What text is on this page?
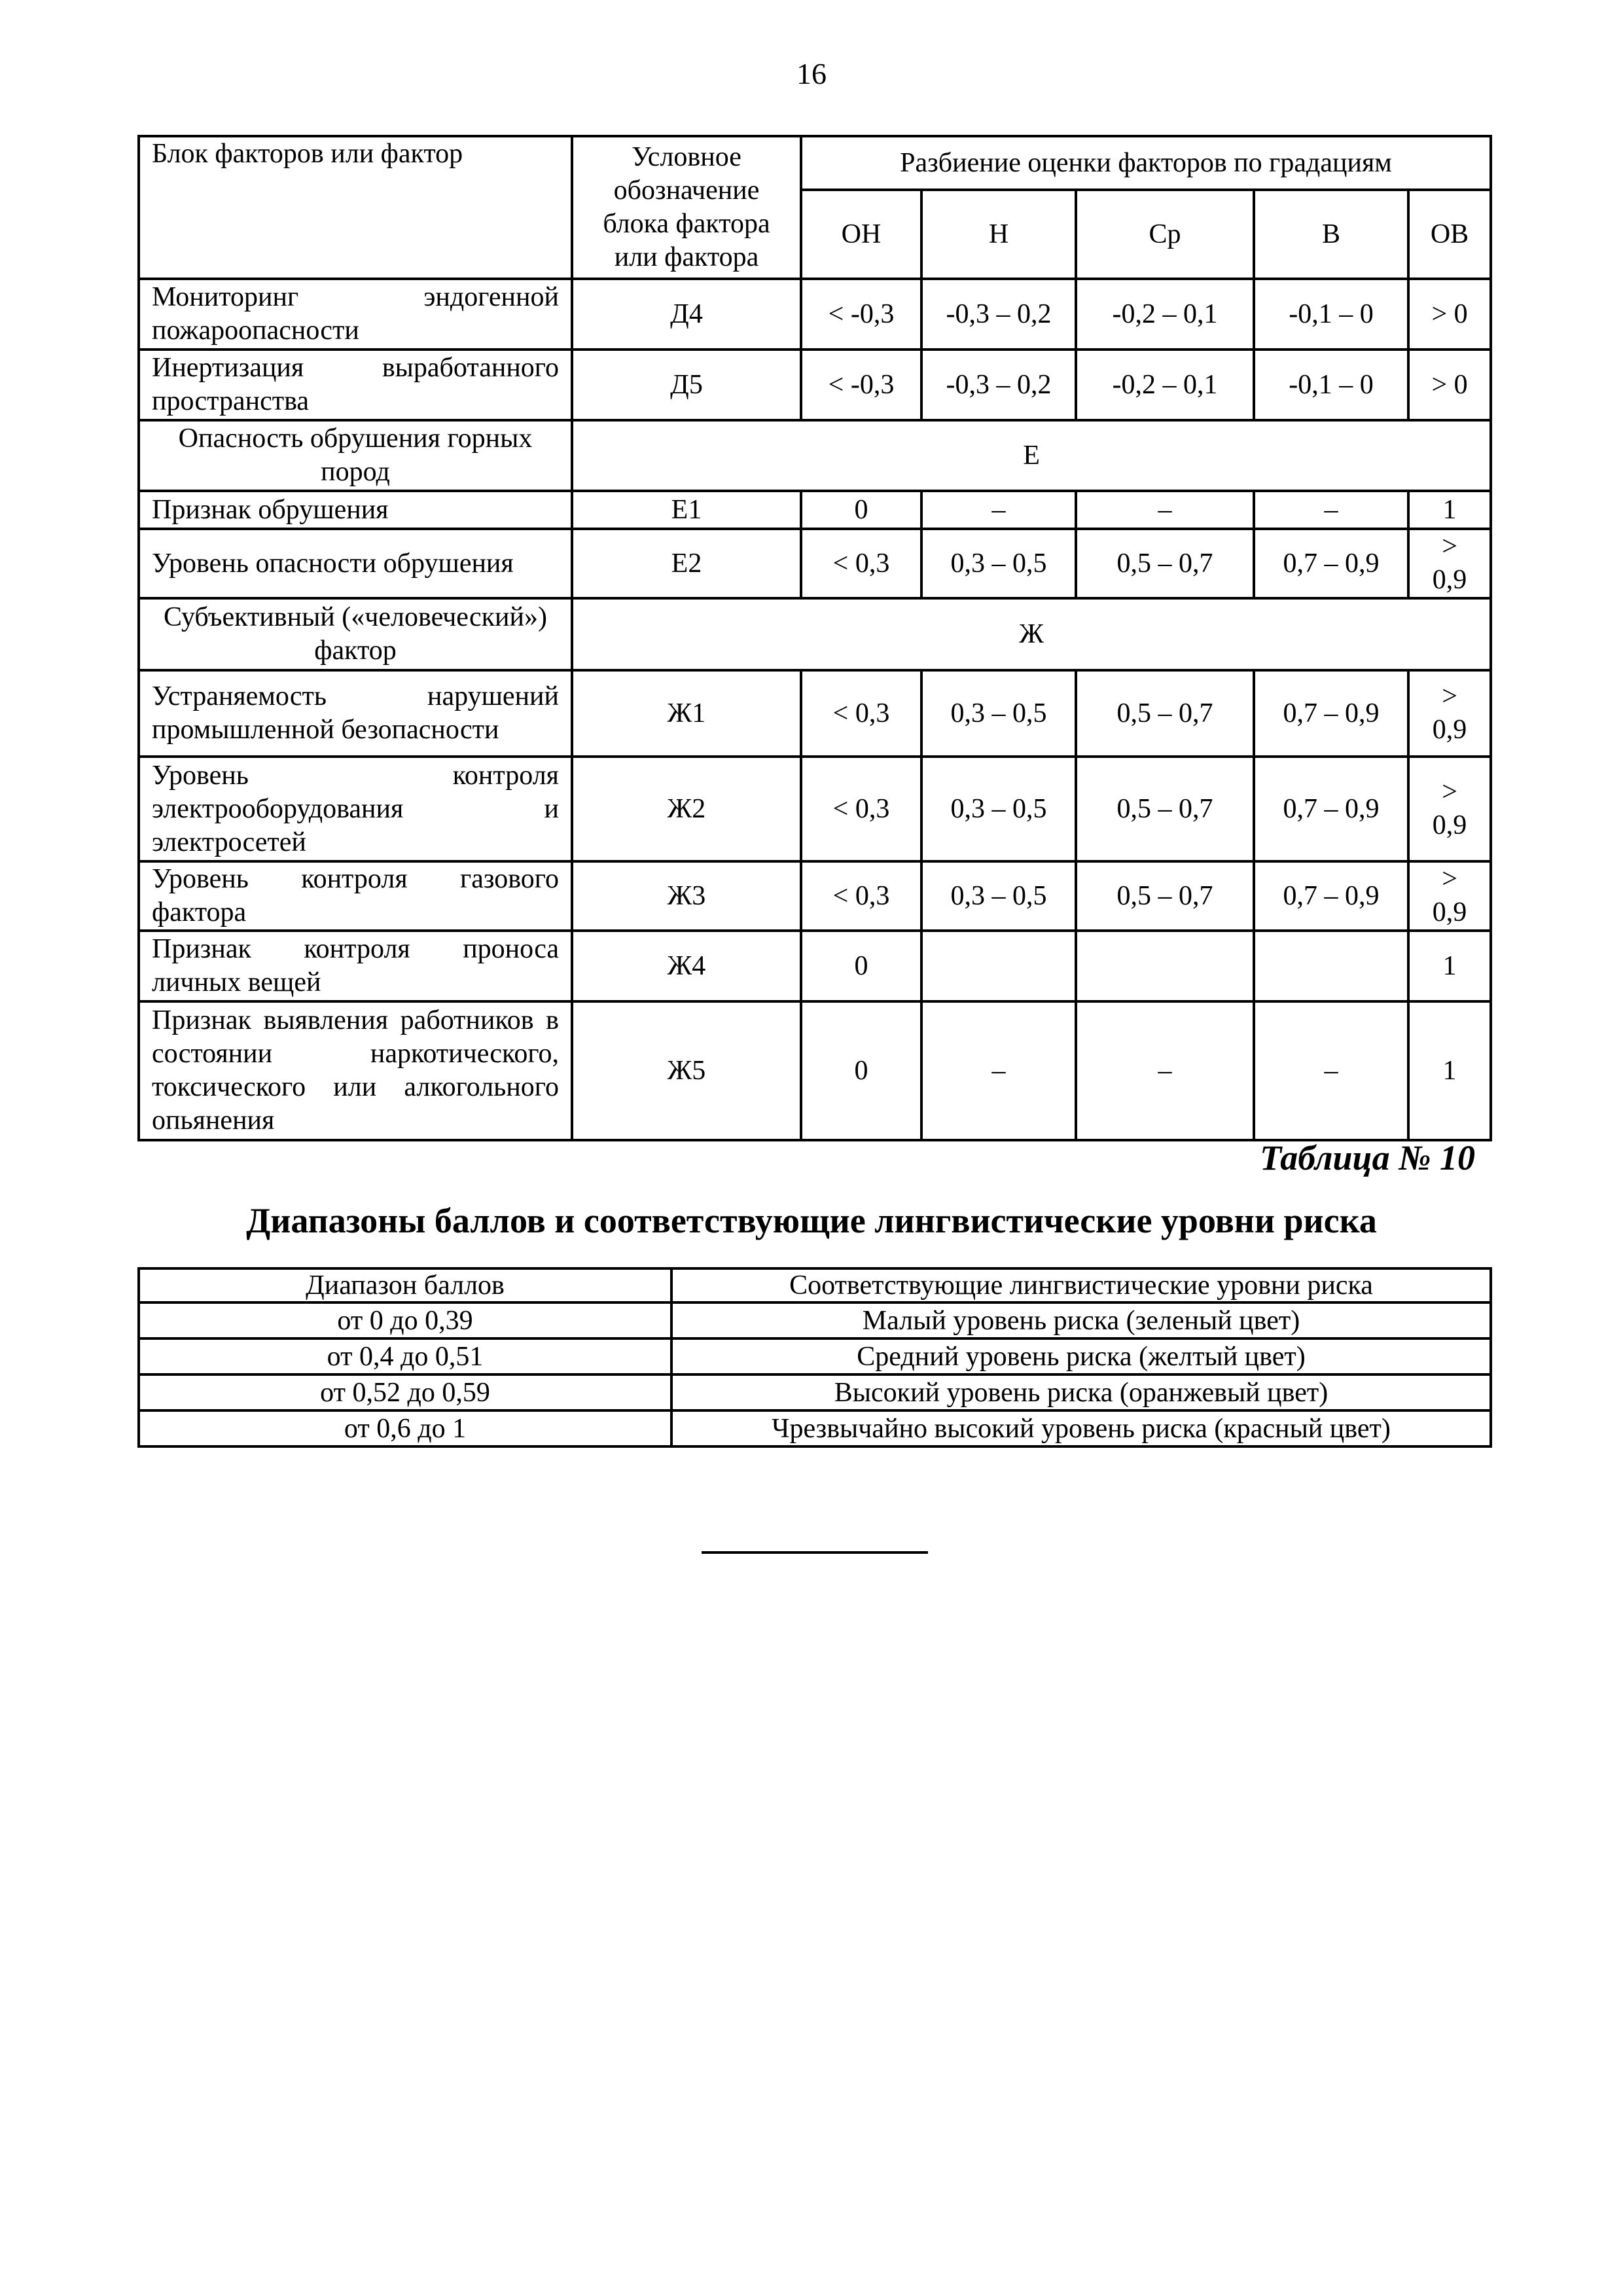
16
Блок факторов или фактор	Условное обозначение блока фактора или фактора	Разбиение оценки факторов по градациям				
		ОН	Н	Ср	В	ОВ
Мониторинг эндогенной пожароопасности	Д4	< -0,3	-0,3 – 0,2	-0,2 – 0,1	-0,1 – 0	> 0
Инертизация выработанного пространства	Д5	< -0,3	-0,3 – 0,2	-0,2 – 0,1	-0,1 – 0	> 0
Опасность обрушения горных пород	Е					
Признак обрушения	Е1	0	–	–	–	1
Уровень опасности обрушения	Е2	< 0,3	0,3 – 0,5	0,5 – 0,7	0,7 – 0,9	> 0,9
Субъективный («человеческий») фактор	Ж					
Устраняемость нарушений промышленной безопасности	Ж1	< 0,3	0,3 – 0,5	0,5 – 0,7	0,7 – 0,9	> 0,9
Уровень контроля электрооборудования и электросетей	Ж2	< 0,3	0,3 – 0,5	0,5 – 0,7	0,7 – 0,9	> 0,9
Уровень контроля газового фактора	Ж3	< 0,3	0,3 – 0,5	0,5 – 0,7	0,7 – 0,9	> 0,9
Признак контроля проноса личных вещей	Ж4	0				1
Признак выявления работников в состоянии наркотического, токсического или алкогольного опьянения	Ж5	0	–	–	–	1
Таблица № 10
Диапазоны баллов и соответствующие лингвистические уровни риска
Диапазон баллов	Соответствующие лингвистические уровни риска
от 0 до 0,39	Малый уровень риска (зеленый цвет)
от 0,4 до 0,51	Средний уровень риска (желтый цвет)
от 0,52 до 0,59	Высокий уровень риска (оранжевый цвет)
от 0,6 до 1	Чрезвычайно высокий уровень риска (красный цвет)
